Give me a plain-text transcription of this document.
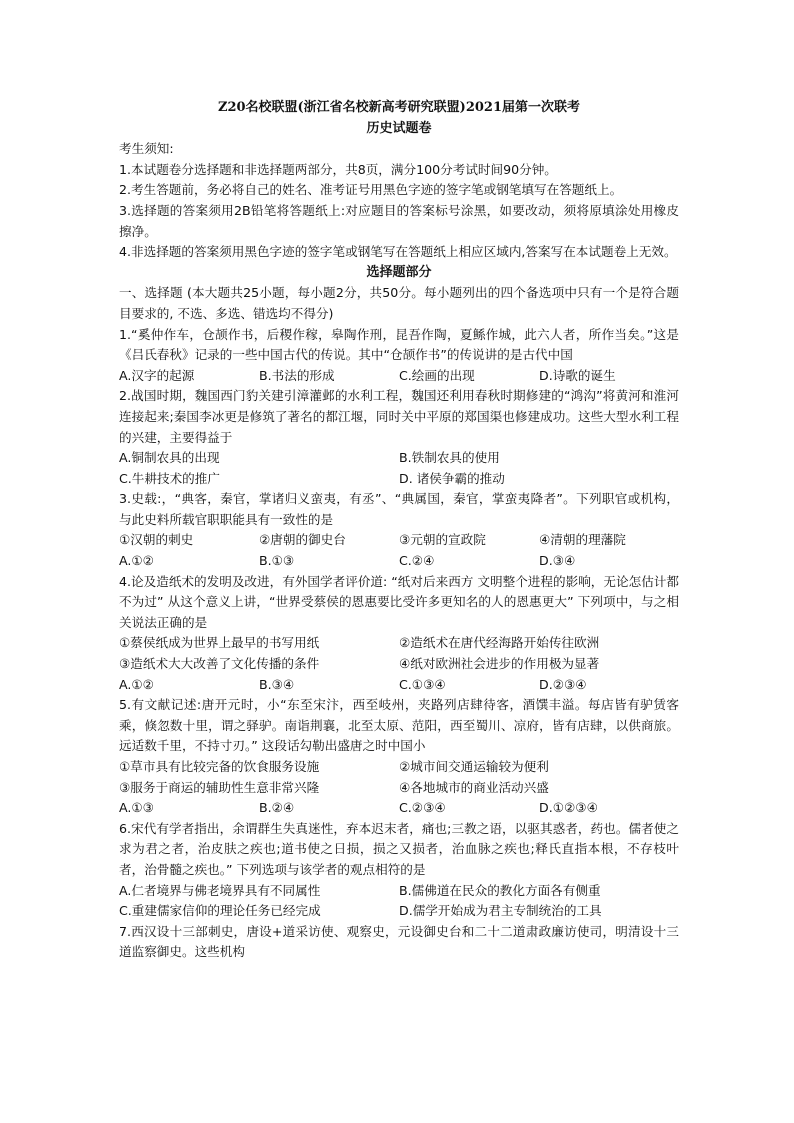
Z20名校联盟(浙江省名校新高考研究联盟)2021届第一次联考
历史试题卷

考生须知:

1.本试题卷分选择题和非选择题两部分，共8页，满分100分考试时间90分钟。

2.考生答题前，务必将自己的姓名、准考证号用黑色字迹的签字笔或钢笔填写在答题纸上。

3.选择题的答案须用2B铅笔将答题纸上:对应题目的答案标号涂黑，如要改动，须将原填涂处用橡皮擦净。

4.非选择题的答案须用黑色字迹的签字笔或钢笔写在答题纸上相应区域内,答案写在本试题卷上无效。

选择题部分

一、选择题 (本大题共25小题，每小题2分，共50分。每小题列出的四个备选项中只有一个是符合题目要求的, 不选、多选、错选均不得分)

1.“奚仲作车，仓颉作书，后稷作稼，皋陶作刑，昆吾作陶，夏鲧作城，此六人者，所作当矣。”这是《吕氏春秋》记录的一些中国古代的传说。其中“仓颉作书”的传说讲的是古代中国

A.汉字的起源	B.书法的形成	C.绘画的出现	D.诗歌的诞生

2.战国时期，魏国西门豹关建引漳灌邺的水利工程，魏国还利用春秋时期修建的“鸿沟”将黄河和淮河连接起来;秦国李冰更是修筑了著名的都江堰，同时关中平原的郑国渠也修建成功。这些大型水利工程的兴建，主要得益于

A.铜制农具的出现	B.铁制农具的使用
C.牛耕技术的推广	D. 诸侯争霸的推动

3.史载:，“典客，秦官，掌诸归义蛮夷，有丞”、“典属国，秦官，掌蛮夷降者”。下列职官或机构， 与此史料所载官职职能具有一致性的是

①汉朝的刺史	②唐朝的御史台	③元朝的宣政院	④清朝的理藩院
A.①②	B.①③	C.②④	D.③④

4.论及造纸术的发明及改进，有外国学者评价道: “纸对后来西方 文明整个进程的影响，无论怎估计都不为过” 从这个意义上讲，“世界受蔡侯的恩惠要比受许多更知名的人的恩惠更大” 下列项中，与之相关说法正确的是

①蔡侯纸成为世界上最早的书写用纸	②造纸术在唐代经海路开始传往欧洲
③造纸术大大改善了文化传播的条件	④纸对欧洲社会进步的作用极为显著
A.①②	B.③④	C.①③④	D.②③④

5.有文献记述:唐开元时，小“东至宋汴，西至岐州，夹路列店肆待客，酒馔丰溢。每店皆有驴赁客乘，倏忽数十里，谓之驿驴。南诣荆襄，北至太原、范阳，西至蜀川、凉府，皆有店肆，以供商旅。远适数千里，不持寸刃。” 这段话勾勒出盛唐之时中国小

①草市具有比较完备的饮食服务设施	②城市间交通运输较为便利
③服务于商运的辅助性生意非常兴隆	④各地城市的商业活动兴盛
A.①③	B.②④	C.②③④	D.①②③④

6.宋代有学者指出，余谓群生失真迷性，弃本迟末者，痛也;三教之语，以驱其惑者，药也。儒者使之求为君之者，治皮肤之疾也;道书使之日损，损之又损者，治血脉之疾也;释氏直指本根，不存枝叶者，治骨髓之疾也。” 下列选项与该学者的观点相符的是

A.仁者境界与佛老境界具有不同属性	B.儒佛道在民众的教化方面各有侧重
C.重建儒家信仰的理论任务已经完成	D.儒学开始成为君主专制统治的工具

7.西汉设十三部刺史，唐设+道采访使、观察史，元设御史台和二十二道肃政廉访使司，明清设十三道监察御史。这些机构
